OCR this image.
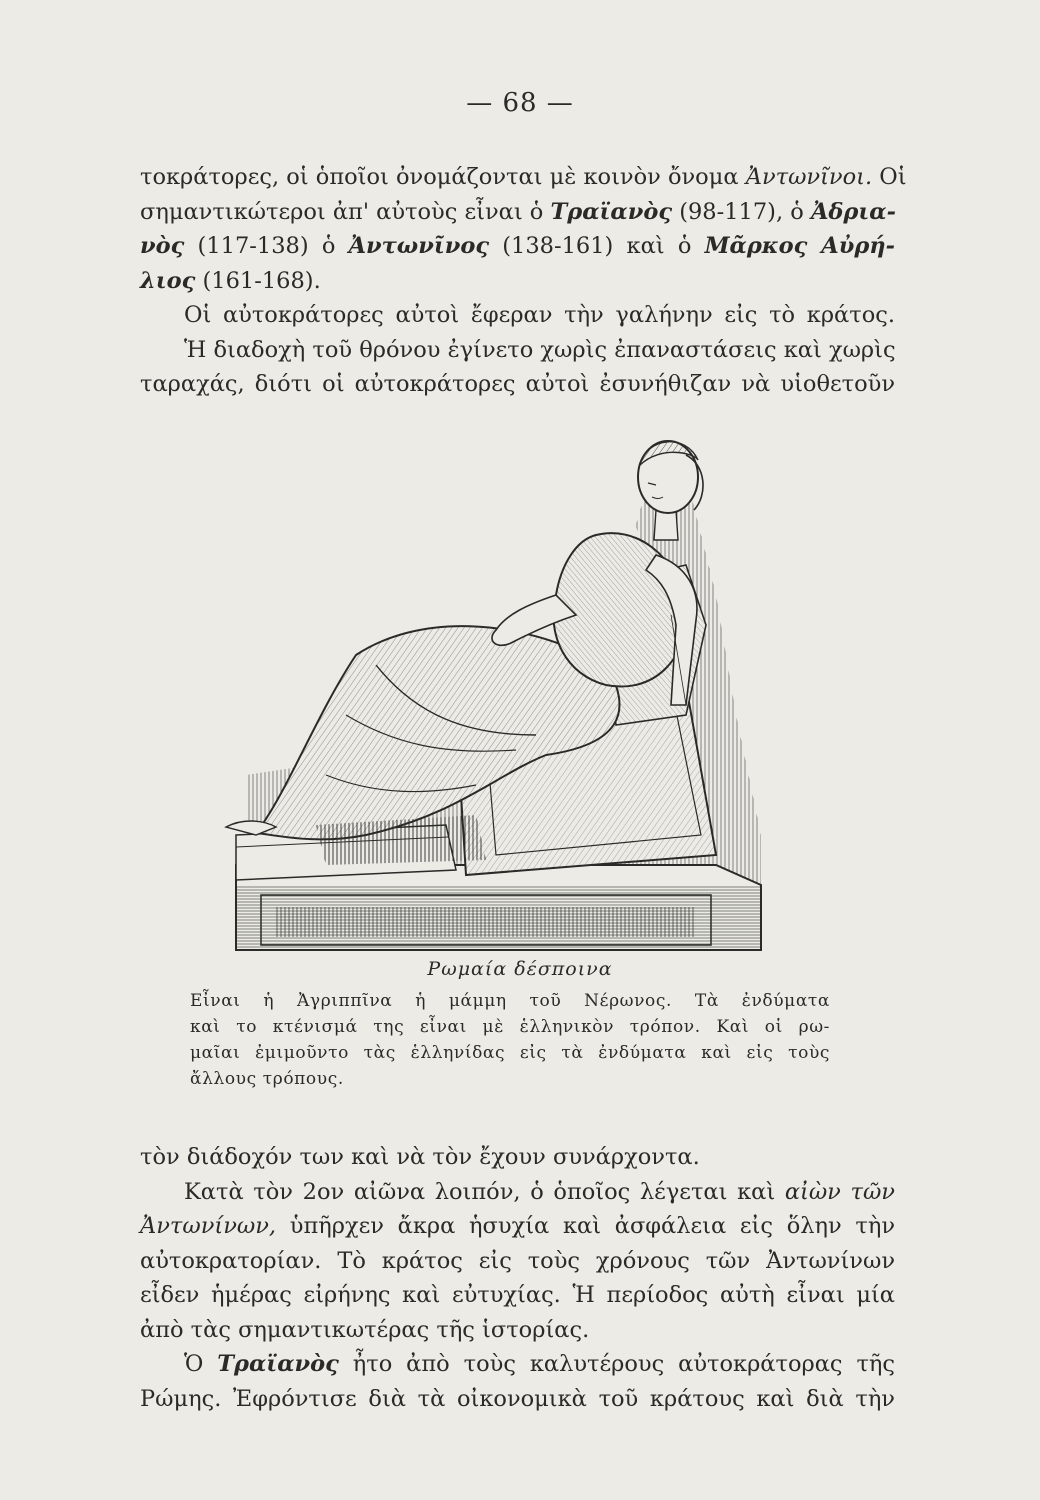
— 68 —
τοκράτορες, οἱ ὁποῖοι ὀνομάζονται μὲ κοινὸν ὄνομα Ἀντωνῖνοι. Οἱ
σημαντικώτεροι ἀπ' αὐτοὺς εἶναι ὁ Τραϊανὸς (98-117), ὁ Ἀδρια-
νὸς (117-138) ὁ Ἀντωνῖνος (138-161) καὶ ὁ Μᾶρκος Αὐρή-
λιος (161-168).
Οἱ αὐτοκράτορες αὐτοὶ ἔφεραν τὴν γαλήνην εἰς τὸ κράτος.
Ἡ διαδοχὴ τοῦ θρόνου ἐγίνετο χωρὶς ἐπαναστάσεις καὶ χωρὶς
ταραχάς, διότι οἱ αὐτοκράτορες αὐτοὶ ἐσυνήθιζαν νὰ υἱοθετοῦν
Ρωμαία δέσποινα
Εἶναι ἡ Ἀγριππῖνα ἡ μάμμη τοῦ Νέρωνος. Τὰ ἐνδύματα
καὶ το κτένισμά της εἶναι μὲ ἑλληνικὸν τρόπον. Καὶ οἱ ρω-
μαῖαι ἐμιμοῦντο τὰς ἑλληνίδας εἰς τὰ ἐνδύματα καὶ εἰς τοὺς
ἄλλους τρόπους.
τὸν διάδοχόν των καὶ νὰ τὸν ἔχουν συνάρχοντα.
Κατὰ τὸν 2ον αἰῶνα λοιπόν, ὁ ὁποῖος λέγεται καὶ αἰὼν τῶν
Ἀντωνίνων, ὑπῆρχεν ἄκρα ἡσυχία καὶ ἀσφάλεια εἰς ὅλην τὴν
αὐτοκρατορίαν. Τὸ κράτος εἰς τοὺς χρόνους τῶν Ἀντωνίνων
εἶδεν ἡμέρας εἰρήνης καὶ εὐτυχίας. Ἡ περίοδος αὐτὴ εἶναι μία
ἀπὸ τὰς σημαντικωτέρας τῆς ἱστορίας.
Ὁ Τραϊανὸς ἦτο ἀπὸ τοὺς καλυτέρους αὐτοκράτορας τῆς
Ρώμης. Ἐφρόντισε διὰ τὰ οἰκονομικὰ τοῦ κράτους καὶ διὰ τὴν
